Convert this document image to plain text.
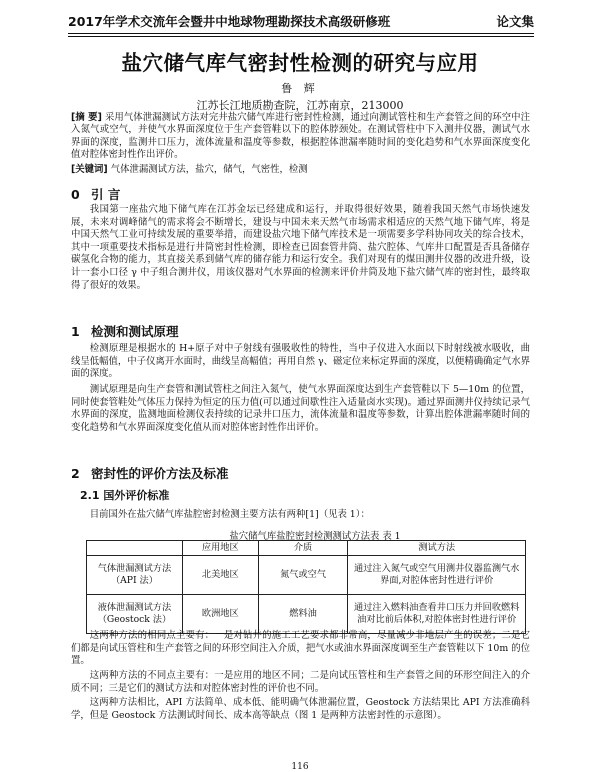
2017年学术交流年会暨井中地球物理勘探技术高级研修班	论文集
盐穴储气库气密封性检测的研究与应用
鲁 辉
江苏长江地质勘查院，江苏南京，213000
[摘 要] 采用气体泄漏测试方法对完井盐穴储气库进行密封性检测，通过向测试管柱和生产套管之间的环空中注入氮气或空气，并使气水界面深度位于生产套管鞋以下的腔体脖颈处。在测试管柱中下入测井仪器，测试气水界面的深度，监测井口压力，流体流量和温度等参数，根据腔体泄漏率随时间的变化趋势和气水界面深度变化值对腔体密封性作出评价。
[关键词] 气体泄漏测试方法，盐穴，储气，气密性，检测
0 引 言
我国第一座盐穴地下储气库在江苏金坛已经建成和运行，并取得很好效果，随着我国天然气市场快速发展，未来对调峰储气的需求将会不断增长，建设与中国未来天然气市场需求相适应的天然气地下储气库，将是中国天然气工业可持续发展的重要举措，而建设盐穴地下储气库技术是一项需要多学科协同攻关的综合技术，其中一项重要技术指标是进行井筒密封性检测，即检查已固套管井筒、盐穴腔体、气库井口配置是否具备储存碳氢化合物的能力，其直接关系到储气库的储存能力和运行安全。我们对现有的煤田测井仪器的改进升级，设计一套小口径 γ 中子组合测井仪，用该仪器对气水界面的检测来评价井筒及地下盐穴储气库的密封性，最终取得了很好的效果。
1 检测和测试原理
检测原理是根据水的 H+原子对中子射线有强吸收性的特性，当中子仪进入水面以下时射线被水吸收，曲线呈低幅值，中子仪离开水面时，曲线呈高幅值；再用自然 γ、磁定位来标定界面的深度，以便精确确定气水界面的深度。
测试原理是向生产套管和测试管柱之间注入氮气，使气水界面深度达到生产套管鞋以下 5—10m 的位置，同时使套管鞋处气体压力保持为恒定的压力值(可以通过间歇性注入适量卤水实现)。通过界面测井仪持续记录气水界面的深度，监测地面检测仪表持续的记录井口压力，流体流量和温度等参数，计算出腔体泄漏率随时间的变化趋势和气水界面深度变化值从而对腔体密封性作出评价。
2 密封性的评价方法及标准
2.1 国外评价标准
目前国外在盐穴储气库盐腔密封检测主要方法有两种[1]（见表 1）：
盐穴储气库盐腔密封检测测试方法表 表 1
	应用地区	介质	测试方法
气体泄漏测试方法
（API 法）	北美地区	氮气或空气	通过注入氮气或空气用测井仪器监测气水界面,对腔体密封性进行评价
液体泄漏测试方法
（Geostock 法）	欧洲地区	燃料油	通过注入燃料油查看井口压力并回收燃料油对比前后体积,对腔体密封性进行评价
这两种方法的相同点主要有：一是对钻井的施工工艺要求都非常高，尽量减少非地层产生的误差；二是它们都是向试压管柱和生产套管之间的环形空间注入介质，把气水或油水界面深度调至生产套管鞋以下 10m 的位置。
这两种方法的不同点主要有：一是应用的地区不同；二是向试压管柱和生产套管之间的环形空间注入的介质不同；三是它们的测试方法和对腔体密封性的评价也不同。
这两种方法相比，API 方法简单、成本低、能明确气体泄漏位置，Geostock 方法结果比 API 方法准确科学，但是 Geostock 方法测试时间长、成本高等缺点（图 1 是两种方法密封性的示意图）。
116
